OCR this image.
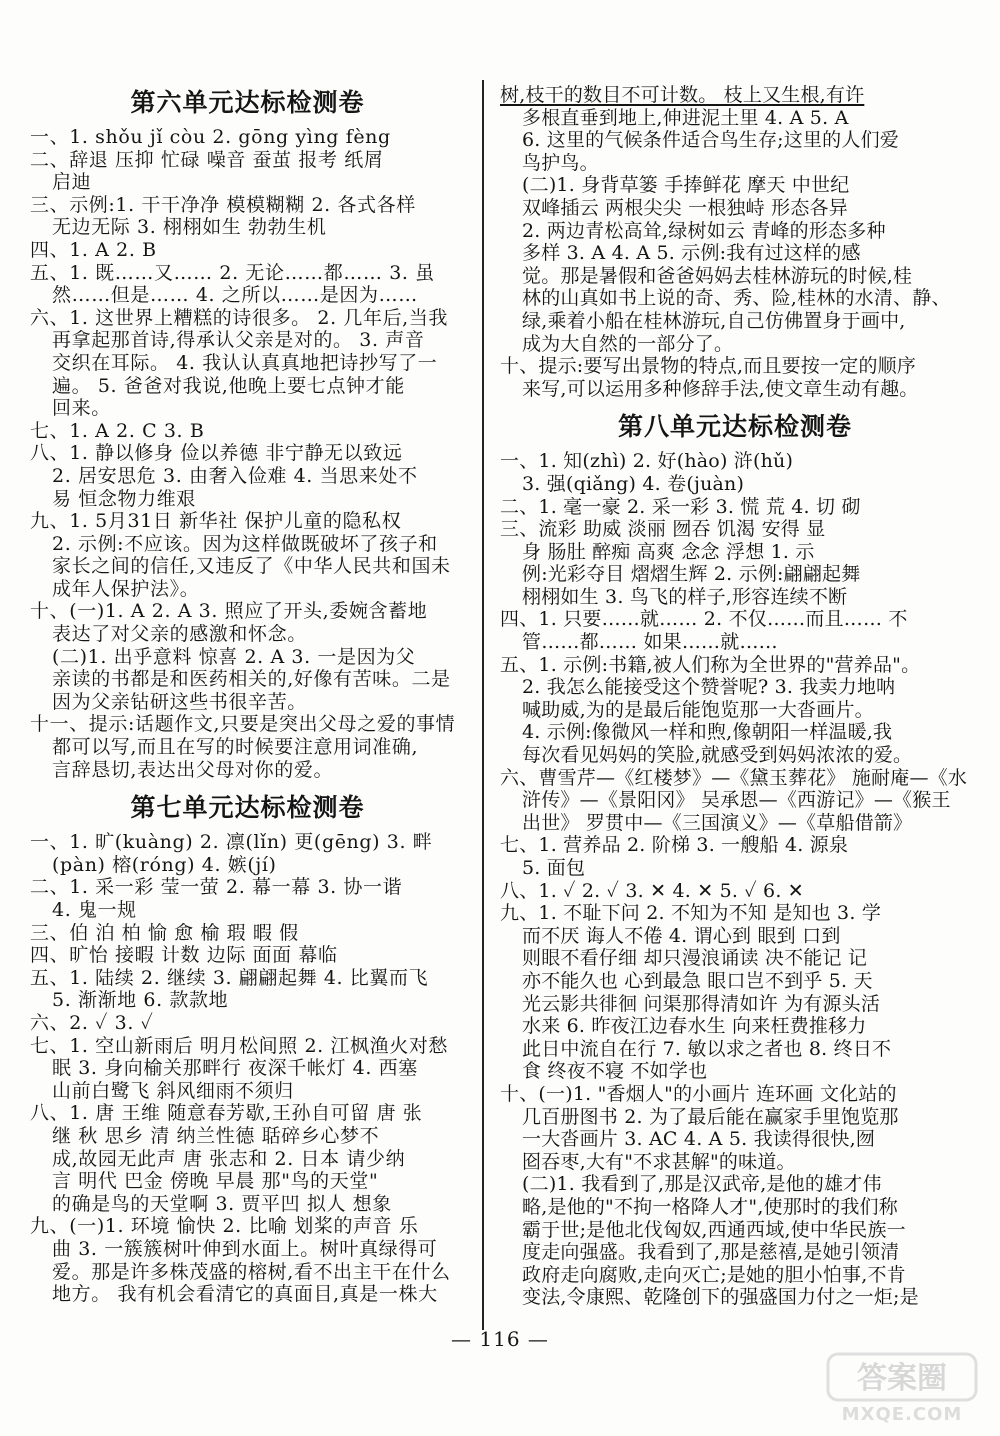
第六单元达标检测卷
一、1. shǒu jǐ còu 2. gōng yìng fèng
二、辞退 压抑 忙碌 噪音 蚕茧 报考 纸屑
启迪
三、示例:1. 干干净净 模模糊糊 2. 各式各样
无边无际 3. 栩栩如生 勃勃生机
四、1. A 2. B
五、1. 既……又…… 2. 无论……都…… 3. 虽
然……但是…… 4. 之所以……是因为……
六、1. 这世界上糟糕的诗很多。 2. 几年后,当我
再拿起那首诗,得承认父亲是对的。 3. 声音
交织在耳际。 4. 我认认真真地把诗抄写了一
遍。 5. 爸爸对我说,他晚上要七点钟才能
回来。
七、1. A 2. C 3. B
八、1. 静以修身 俭以养德 非宁静无以致远
2. 居安思危 3. 由奢入俭难 4. 当思来处不
易 恒念物力维艰
九、1. 5月31日 新华社 保护儿童的隐私权
2. 示例:不应该。因为这样做既破坏了孩子和
家长之间的信任,又违反了《中华人民共和国未
成年人保护法》。
十、(一)1. A 2. A 3. 照应了开头,委婉含蓄地
表达了对父亲的感激和怀念。
(二)1. 出乎意料 惊喜 2. A 3. 一是因为父
亲读的书都是和医药相关的,好像有苦味。二是
因为父亲钻研这些书很辛苦。
十一、提示:话题作文,只要是突出父母之爱的事情
都可以写,而且在写的时候要注意用词准确,
言辞恳切,表达出父母对你的爱。
第七单元达标检测卷
一、1. 旷(kuàng) 2. 凛(lǐn) 更(gēng) 3. 畔
(pàn) 榕(róng) 4. 嫉(jí)
二、1. 采一彩 莹一萤 2. 幕一幕 3. 协一谐
4. 鬼一规
三、伯 泊 柏 愉 愈 榆 瑕 暇 假
四、旷怡 接暇 计数 边际 面面 幕临
五、1. 陆续 2. 继续 3. 翩翩起舞 4. 比翼而飞
5. 渐渐地 6. 款款地
六、2. ✓ 3. ✓
七、1. 空山新雨后 明月松间照 2. 江枫渔火对愁
眠 3. 身向榆关那畔行 夜深千帐灯 4. 西塞
山前白鹭飞 斜风细雨不须归
八、1. 唐 王维 随意春芳歇,王孙自可留 唐 张
继 秋 思乡 清 纳兰性德 聒碎乡心梦不
成,故园无此声 唐 张志和 2. 日本 请少纳
言 明代 巴金 傍晚 早晨 那"鸟的天堂"
的确是鸟的天堂啊 3. 贾平凹 拟人 想象
九、(一)1. 环境 愉快 2. 比喻 划桨的声音 乐
曲 3. 一簇簇树叶伸到水面上。树叶真绿得可
爱。那是许多株茂盛的榕树,看不出主干在什么
地方。 我有机会看清它的真面目,真是一株大
树,枝干的数目不可计数。 枝上又生根,有许
多根直垂到地上,伸进泥土里 4. A 5. A
6. 这里的气候条件适合鸟生存;这里的人们爱
鸟护鸟。
(二)1. 身背草篓 手捧鲜花 摩天 中世纪
双峰插云 两根尖尖 一根独峙 形态各异
2. 两边青松高耸,绿树如云 青峰的形态多种
多样 3. A 4. A 5. 示例:我有过这样的感
觉。那是暑假和爸爸妈妈去桂林游玩的时候,桂
林的山真如书上说的奇、秀、险,桂林的水清、静、
绿,乘着小船在桂林游玩,自己仿佛置身于画中,
成为大自然的一部分了。
十、提示:要写出景物的特点,而且要按一定的顺序
来写,可以运用多种修辞手法,使文章生动有趣。
第八单元达标检测卷
一、1. 知(zhì) 2. 好(hào) 浒(hǔ)
3. 强(qiǎng) 4. 卷(juàn)
二、1. 毫一豪 2. 采一彩 3. 慌 荒 4. 切 砌
三、流彩 助威 淡丽 囫吞 饥渴 安得 显
身 肠肚 醉痴 高爽 念念 浮想 1. 示
例:光彩夺目 熠熠生辉 2. 示例:翩翩起舞
栩栩如生 3. 鸟飞的样子,形容连续不断
四、1. 只要……就…… 2. 不仅……而且…… 不
管……都…… 如果……就……
五、1. 示例:书籍,被人们称为全世界的"营养品"。
2. 我怎么能接受这个赞誉呢? 3. 我卖力地呐
喊助威,为的是最后能饱览那一大沓画片。
4. 示例:像微风一样和煦,像朝阳一样温暖,我
每次看见妈妈的笑脸,就感受到妈妈浓浓的爱。
六、曹雪芹—《红楼梦》—《黛玉葬花》 施耐庵—《水
浒传》—《景阳冈》 吴承恩—《西游记》—《猴王
出世》 罗贯中—《三国演义》—《草船借箭》
七、1. 营养品 2. 阶梯 3. 一艘船 4. 源泉
5. 面包
八、1. ✓ 2. ✓ 3. ✕ 4. ✕ 5. ✓ 6. ✕
九、1. 不耻下问 2. 不知为不知 是知也 3. 学
而不厌 诲人不倦 4. 谓心到 眼到 口到
则眼不看仔细 却只漫浪诵读 决不能记 记
亦不能久也 心到最急 眼口岂不到乎 5. 天
光云影共徘徊 问渠那得清如许 为有源头活
水来 6. 昨夜江边春水生 向来枉费推移力
此日中流自在行 7. 敏以求之者也 8. 终日不
食 终夜不寝 不如学也
十、(一)1. "香烟人"的小画片 连环画 文化站的
几百册图书 2. 为了最后能在赢家手里饱览那
一大沓画片 3. AC 4. A 5. 我读得很快,囫
囵吞枣,大有"不求甚解"的味道。
(二)1. 我看到了,那是汉武帝,是他的雄才伟
略,是他的"不拘一格降人才",使那时的我们称
霸于世;是他北伐匈奴,西通西域,使中华民族一
度走向强盛。我看到了,那是慈禧,是她引领清
政府走向腐败,走向灭亡;是她的胆小怕事,不肯
变法,令康熙、乾隆创下的强盛国力付之一炬;是
— 116 —
答案圈
MXQE.COM
